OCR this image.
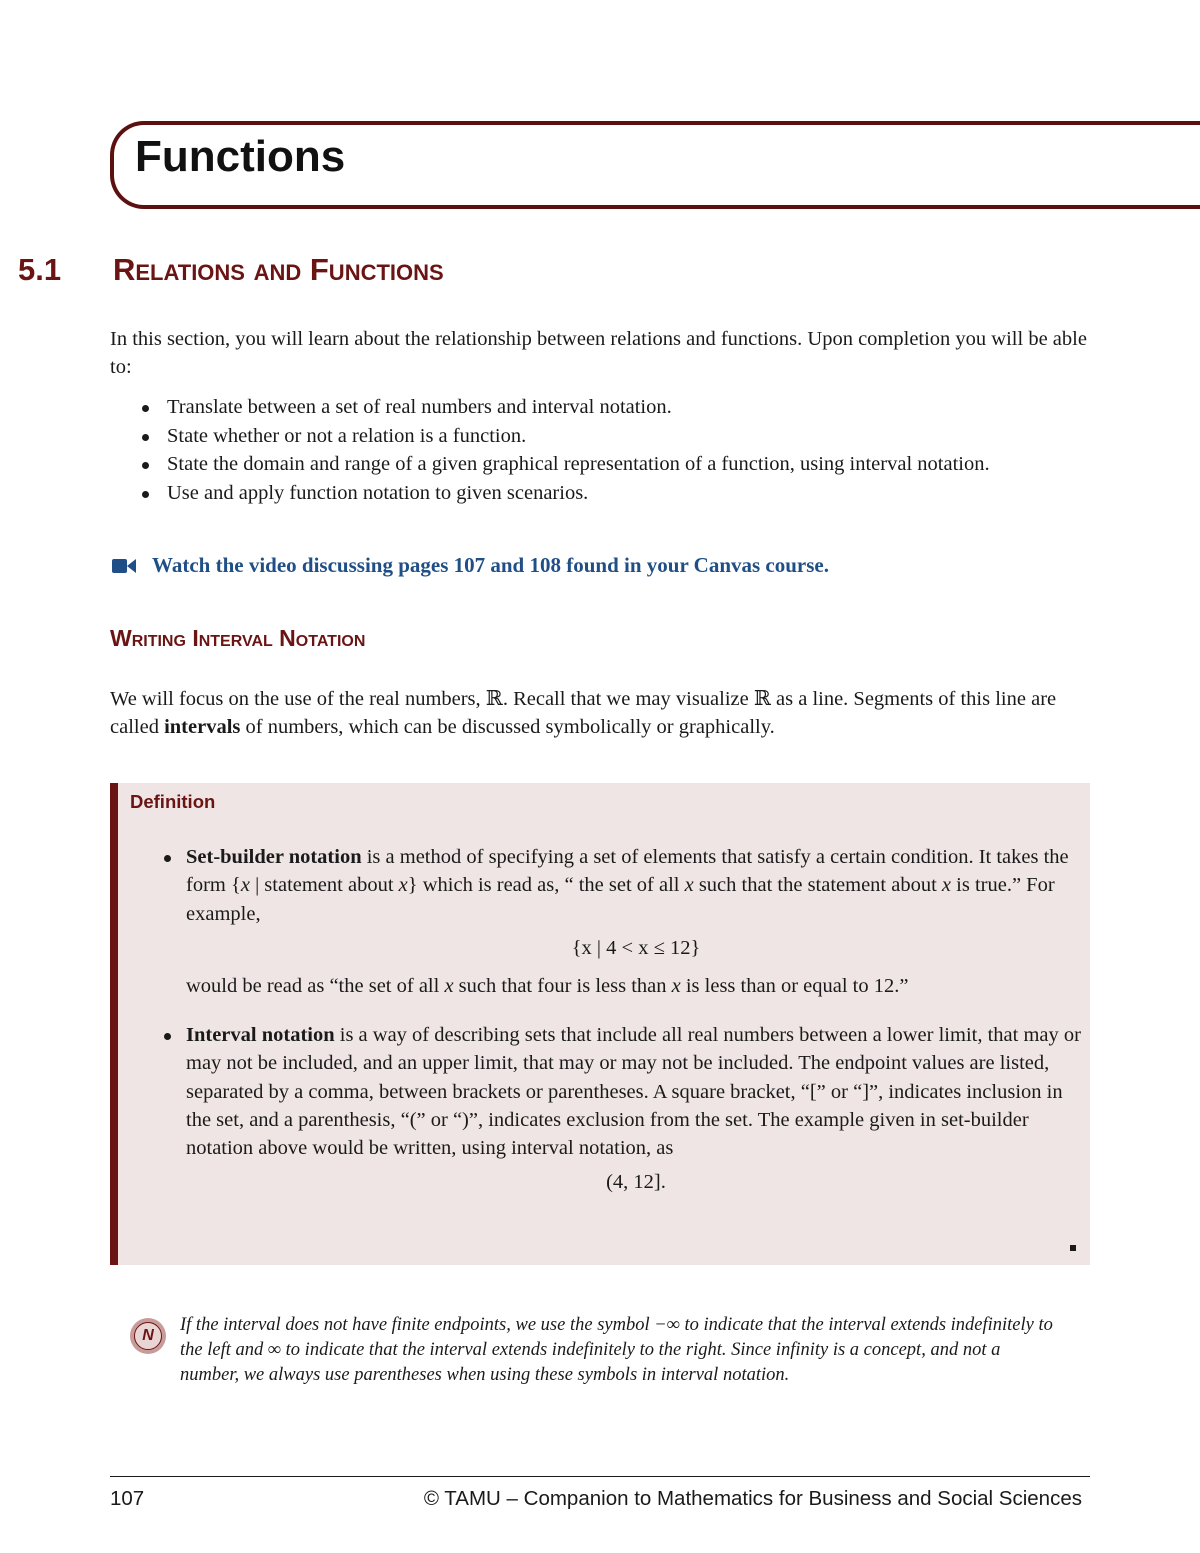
Functions
5.1 Relations and Functions

In this section, you will learn about the relationship between relations and functions. Upon completion you will be able to:

Translate between a set of real numbers and interval notation.
State whether or not a relation is a function.
State the domain and range of a given graphical representation of a function, using interval notation.
Use and apply function notation to given scenarios.
Watch the video discussing pages 107 and 108 found in your Canvas course.
Writing Interval Notation

We will focus on the use of the real numbers, ℝ. Recall that we may visualize ℝ as a line. Segments of this line are called intervals of numbers, which can be discussed symbolically or graphically.

Definition

Set-builder notation is a method of specifying a set of elements that satisfy a certain condition. It takes the form {x | statement about x} which is read as, “ the set of all x such that the statement about x is true.” For example,

{x | 4 < x ≤ 12}

would be read as “the set of all x such that four is less than x is less than or equal to 12.”

Interval notation is a way of describing sets that include all real numbers between a lower limit, that may or may not be included, and an upper limit, that may or may not be included. The endpoint values are listed, separated by a comma, between brackets or parentheses. A square bracket, “[” or “]”, indicates inclusion in the set, and a parenthesis, “(” or “)”, indicates exclusion from the set. The example given in set-builder notation above would be written, using interval notation, as

(4, 12].
N

If the interval does not have finite endpoints, we use the symbol −∞ to indicate that the interval extends indefinitely to the left and ∞ to indicate that the interval extends indefinitely to the right. Since infinity is a concept, and not a number, we always use parentheses when using these symbols in interval notation.

107	© TAMU – Companion to Mathematics for Business and Social Sciences
